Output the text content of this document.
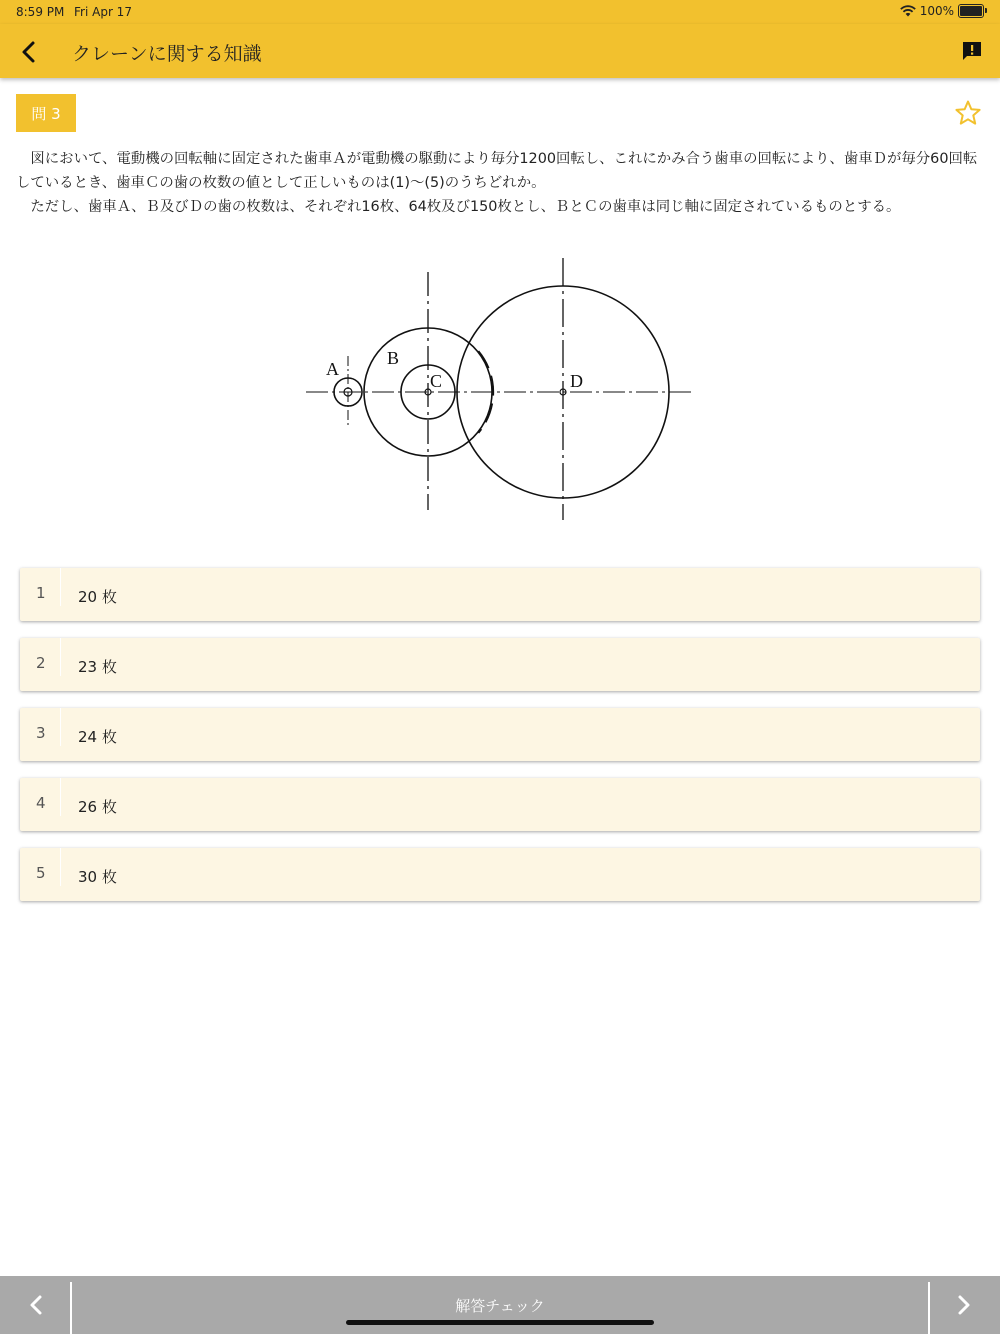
8:59 PM Fri Apr 17	100%
クレーンに関する知識
問 3

図において、電動機の回転軸に固定された歯車Ａが電動機の駆動により毎分1200回転し、これにかみ合う歯車の回転により、歯車Ｄが毎分60回転しているとき、歯車Ｃの歯の枚数の値として正しいものは(1)～(5)のうちどれか。

ただし、歯車Ａ、Ｂ及びＤの歯の枚数は、それぞれ16枚、64枚及び150枚とし、ＢとＣの歯車は同じ軸に固定されているものとする。

A
B
C	D
1	20 枚
2	23 枚
3	24 枚
4	26 枚
5	30 枚
解答チェック
